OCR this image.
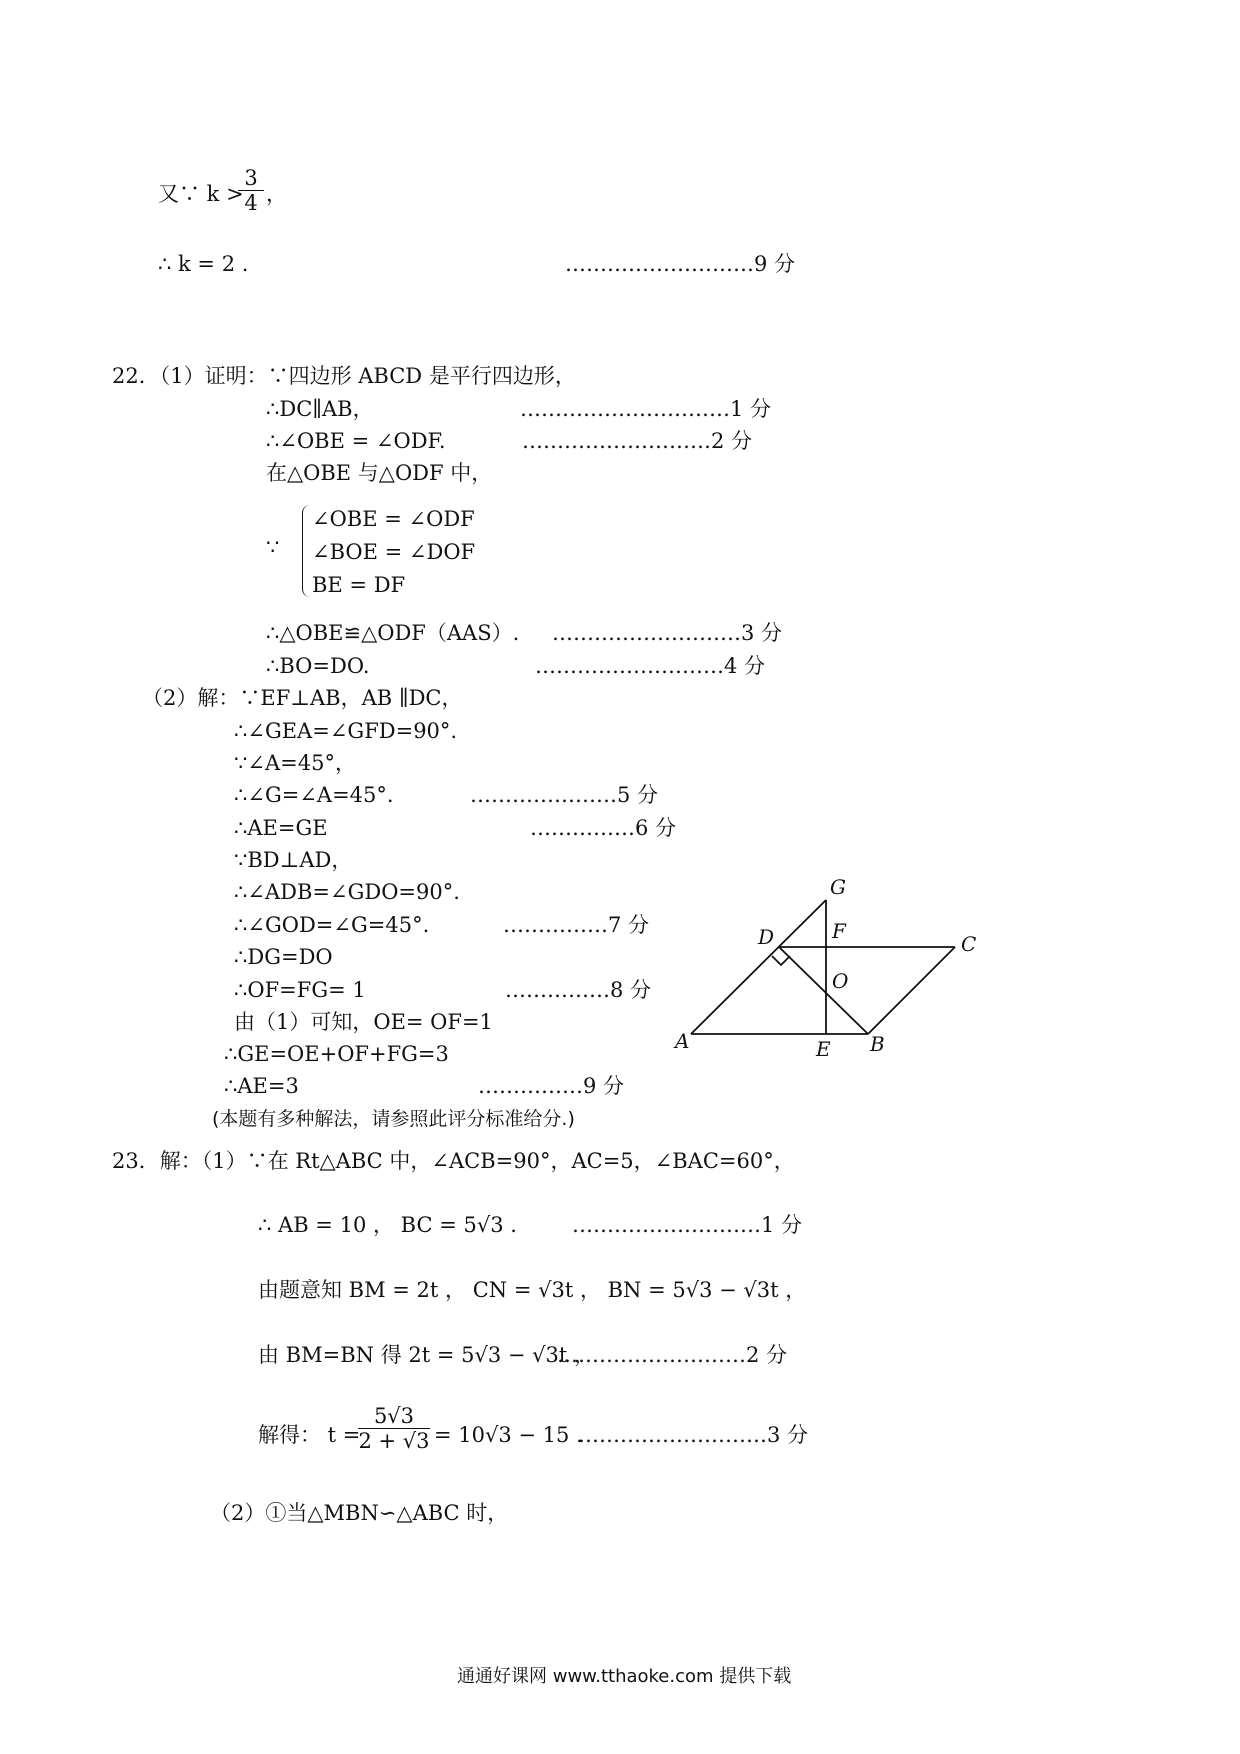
又∵ k >
$\frac{3}{4}$ ，
∴ k = 2 .	………………………9 分
22．（1）证明：∵四边形 ABCD 是平行四边形，
∴DC∥AB，	…………………………1 分
∴∠OBE = ∠ODF.	………………………2 分
在△OBE 与△ODF 中，
∵
∠OBE = ∠ODF
∠BOE = ∠DOF
BE = DF
∴△OBE≌△ODF（AAS）. ………………………3 分
∴BO=DO.	………………………4 分
（2）解：∵EF⊥AB，AB ∥DC，
∴∠GEA=∠GFD=90°.
∵∠A=45°，
∴∠G=∠A=45°.	…………………5 分
∴AE=GE	……………6 分
∵BD⊥AD，
∴∠ADB=∠GDO=90°.
∴∠GOD=∠G=45°.	……………7 分
∴DG=DO
∴OF=FG= 1	……………8 分
由（1）可知，OE= OF=1
∴GE=OE+OF+FG=3
∴AE=3	……………9 分
(本题有多种解法，请参照此评分标准给分.)
G
D	F
C
O
A	E B
23．解：（1）∵在 Rt△ABC 中，∠ACB=90°，AC=5，∠BAC=60°，
∴ AB = 10 ， BC = 5√3 .	………………………1 分
由题意知 BM = 2t ， CN = √3t ， BN = 5√3 − √3t ，
由 BM=BN 得 2t = 5√3 − √3t ，
………………………2 分
解得： t =
$\frac{5√3}{2 + √3} = 10√3 - 15$ .
………………………3 分
（2）①当△MBN∽△ABC 时，
通通好课网 www.tthaoke.com 提供下载
